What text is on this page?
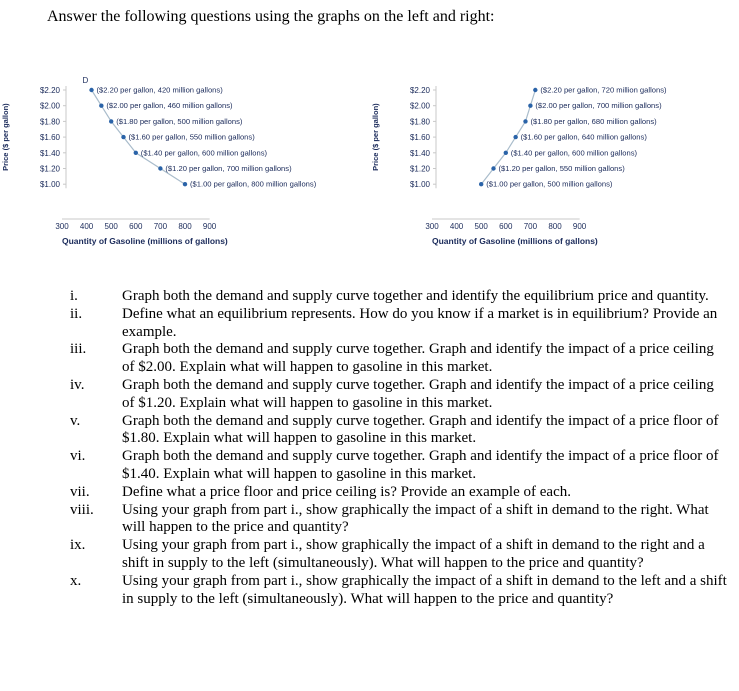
Answer the following questions using the graphs on the left and right:
Price ($ per gallon)
$2.20
$2.00
$1.80
$1.60
$1.40
$1.20
$1.00
300 400 500 600 700 800 900
Quantity of Gasoline (millions of gallons)
($2.20 per gallon, 420 million gallons)
($2.00 per gallon, 460 million gallons)
($1.80 per gallon, 500 million gallons)
($1.60 per gallon, 550 million gallons)
($1.40 per gallon, 600 million gallons)
($1.20 per gallon, 700 million gallons)
($1.00 per gallon, 800 million gallons)
D
Price ($ per gallon)
$2.20
$2.00
$1.80
$1.60
$1.40
$1.20
$1.00
300 400 500 600 700 800 900
Quantity of Gasoline (millions of gallons)
($2.20 per gallon, 720 million gallons)
($2.00 per gallon, 700 million gallons)
($1.80 per gallon, 680 million gallons)
($1.60 per gallon, 640 million gallons)
($1.40 per gallon, 600 million gallons)
($1.20 per gallon, 550 million gallons)
($1.00 per gallon, 500 million gallons)
i.	Graph both the demand and supply curve together and identify the equilibrium price and quantity.
ii.	Define what an equilibrium represents. How do you know if a market is in equilibrium? Provide an example.
iii.	Graph both the demand and supply curve together. Graph and identify the impact of a price ceiling of $2.00. Explain what will happen to gasoline in this market.
iv.	Graph both the demand and supply curve together. Graph and identify the impact of a price ceiling of $1.20. Explain what will happen to gasoline in this market.
v.	Graph both the demand and supply curve together. Graph and identify the impact of a price floor of $1.80. Explain what will happen to gasoline in this market.
vi.	Graph both the demand and supply curve together. Graph and identify the impact of a price floor of $1.40. Explain what will happen to gasoline in this market.
vii.	Define what a price floor and price ceiling is? Provide an example of each.
viii.	Using your graph from part i., show graphically the impact of a shift in demand to the right. What will happen to the price and quantity?
ix.	Using your graph from part i., show graphically the impact of a shift in demand to the right and a shift in supply to the left (simultaneously). What will happen to the price and quantity?
x.	Using your graph from part i., show graphically the impact of a shift in demand to the left and a shift in supply to the left (simultaneously). What will happen to the price and quantity?
